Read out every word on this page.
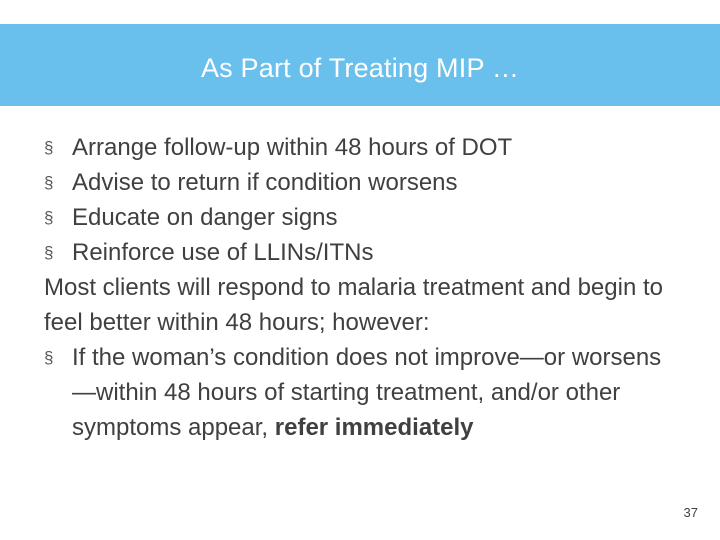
As Part of Treating MIP …
§ Arrange follow-up within 48 hours of DOT
§ Advise to return if condition worsens
§ Educate on danger signs
§ Reinforce use of LLINs/ITNs

Most clients will respond to malaria treatment and begin to feel better within 48 hours; however:

§ If the woman’s condition does not improve—or worsens—within 48 hours of starting treatment, and/or other symptoms appear, refer immediately
37
